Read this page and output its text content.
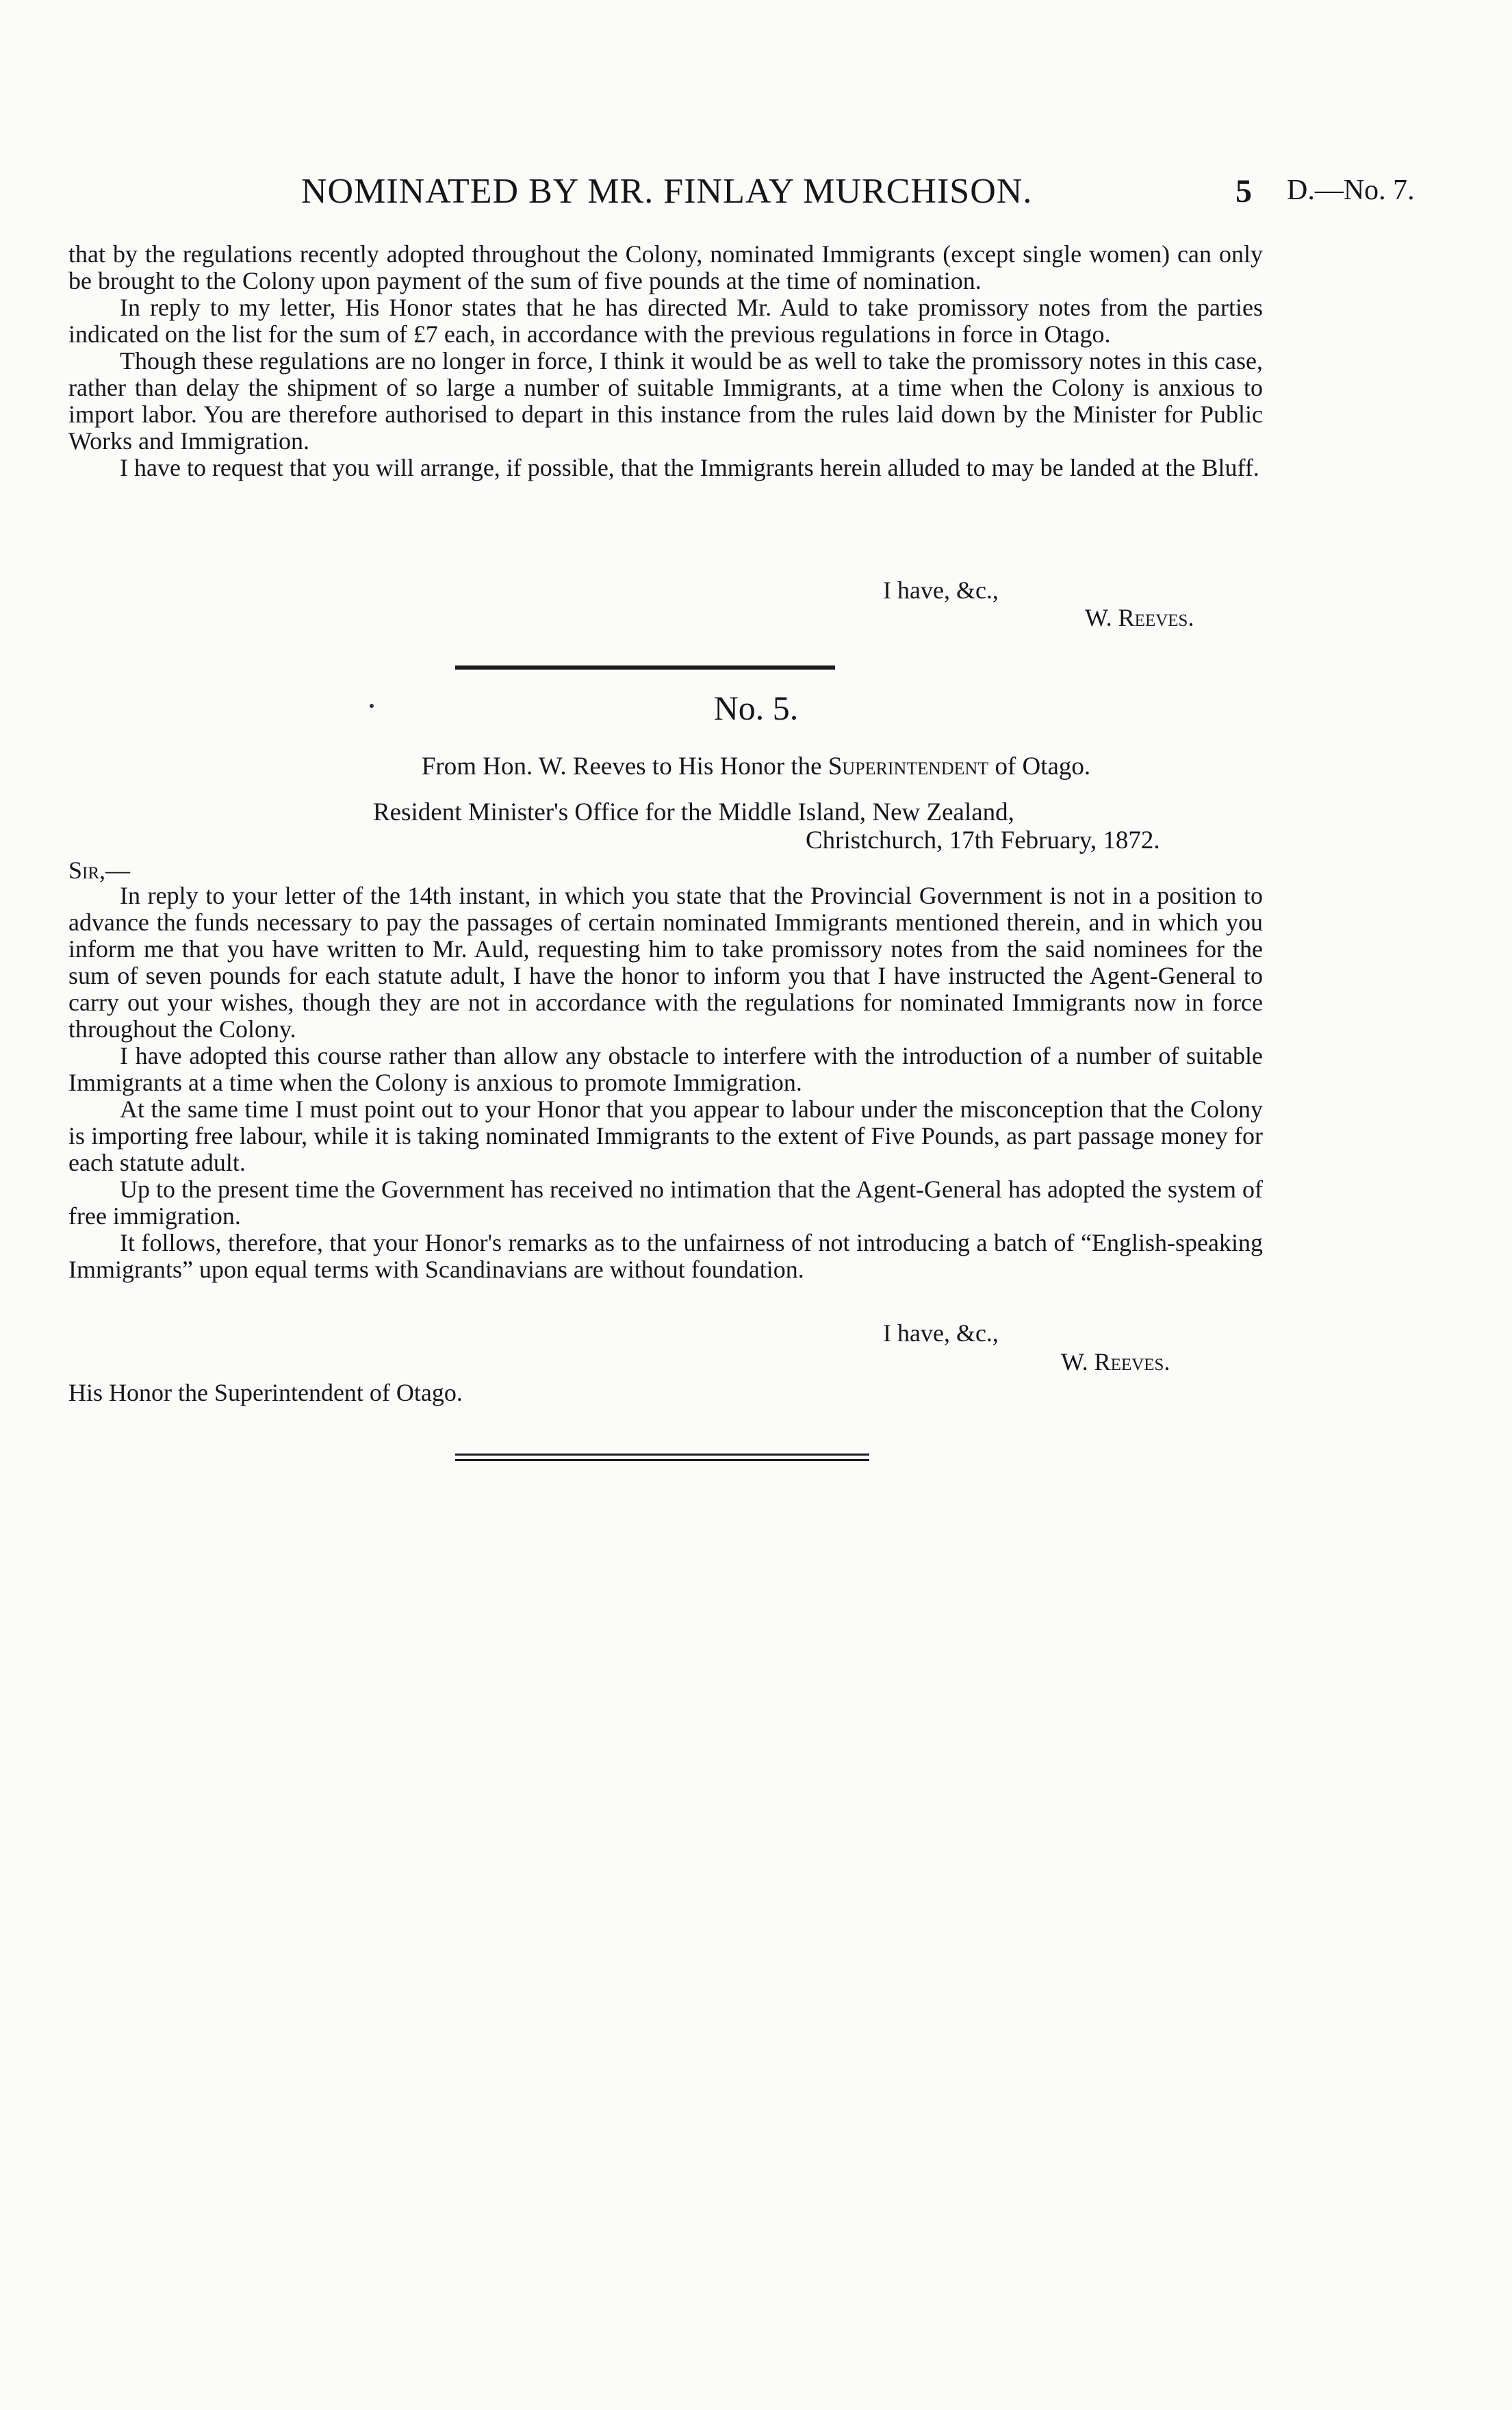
NOMINATED BY MR. FINLAY MURCHISON.	5 D.—No. 7.

that by the regulations recently adopted throughout the Colony, nominated Immigrants (except single women) can only be brought to the Colony upon payment of the sum of five pounds at the time of nomination.

In reply to my letter, His Honor states that he has directed Mr. Auld to take promissory notes from the parties indicated on the list for the sum of £7 each, in accordance with the previous regulations in force in Otago.

Though these regulations are no longer in force, I think it would be as well to take the promissory notes in this case, rather than delay the shipment of so large a number of suitable Immigrants, at a time when the Colony is anxious to import labor. You are therefore authorised to depart in this instance from the rules laid down by the Minister for Public Works and Immigration.

I have to request that you will arrange, if possible, that the Immigrants herein alluded to may be landed at the Bluff.

I have, &c.,
W. Reeves.
No. 5.
From Hon. W. Reeves to His Honor the Superintendent of Otago.
Resident Minister's Office for the Middle Island, New Zealand,
Christchurch, 17th February, 1872.
Sir,—

In reply to your letter of the 14th instant, in which you state that the Provincial Government is not in a position to advance the funds necessary to pay the passages of certain nominated Immigrants mentioned therein, and in which you inform me that you have written to Mr. Auld, requesting him to take promissory notes from the said nominees for the sum of seven pounds for each statute adult, I have the honor to inform you that I have instructed the Agent-General to carry out your wishes, though they are not in accordance with the regulations for nominated Immigrants now in force throughout the Colony.

I have adopted this course rather than allow any obstacle to interfere with the introduction of a number of suitable Immigrants at a time when the Colony is anxious to promote Immigration.

At the same time I must point out to your Honor that you appear to labour under the misconception that the Colony is importing free labour, while it is taking nominated Immigrants to the extent of Five Pounds, as part passage money for each statute adult.

Up to the present time the Government has received no intimation that the Agent-General has adopted the system of free immigration.

It follows, therefore, that your Honor's remarks as to the unfairness of not introducing a batch of “English-speaking Immigrants” upon equal terms with Scandinavians are without foundation.

I have, &c.,
W. Reeves.
His Honor the Superintendent of Otago.
